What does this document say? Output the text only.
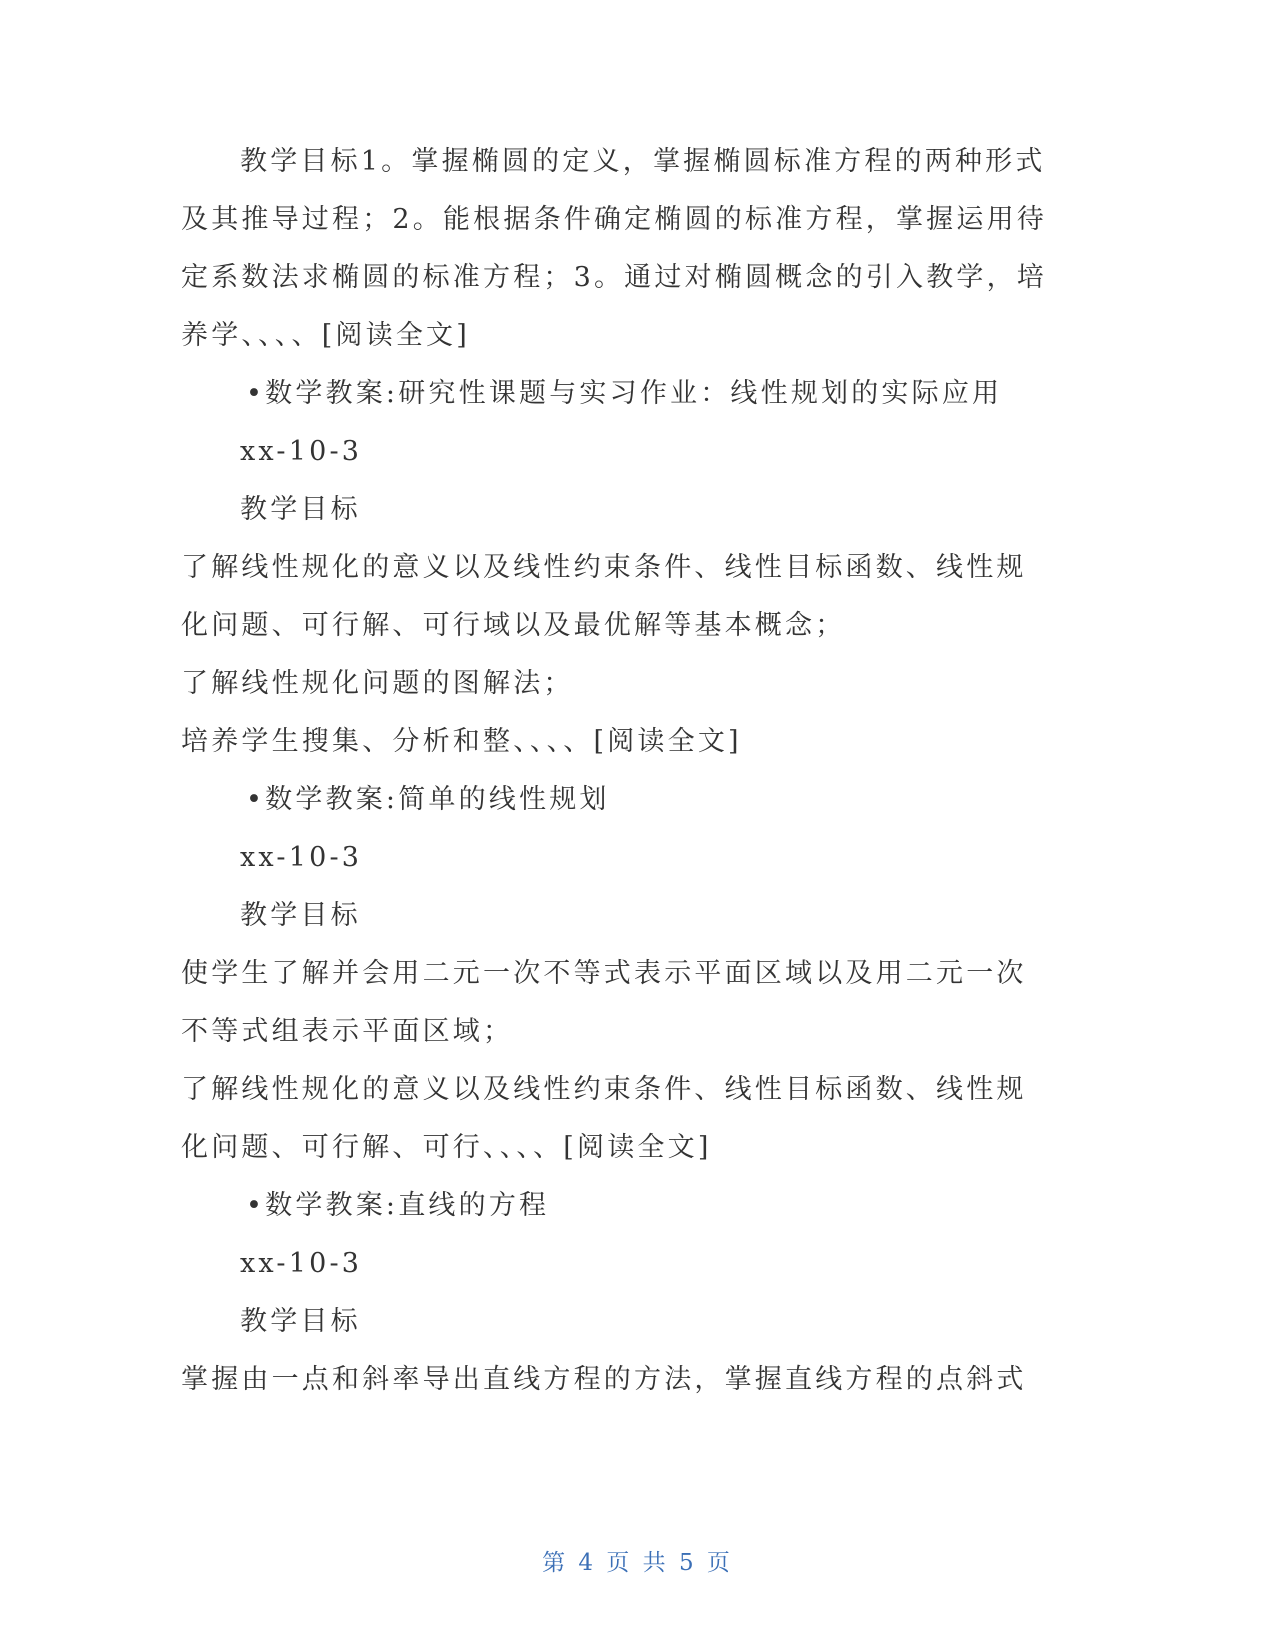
教学目标1。掌握椭圆的定义，掌握椭圆标准方程的两种形式
及其推导过程；2。能根据条件确定椭圆的标准方程，掌握运用待
定系数法求椭圆的标准方程；3。通过对椭圆概念的引入教学，培
养学、、、、[阅读全文]
•数学教案:研究性课题与实习作业：线性规划的实际应用
xx-10-3
教学目标
了解线性规化的意义以及线性约束条件、线性目标函数、线性规
化问题、可行解、可行域以及最优解等基本概念；
了解线性规化问题的图解法；
培养学生搜集、分析和整、、、、[阅读全文]
•数学教案:简单的线性规划
xx-10-3
教学目标
使学生了解并会用二元一次不等式表示平面区域以及用二元一次
不等式组表示平面区域；
了解线性规化的意义以及线性约束条件、线性目标函数、线性规
化问题、可行解、可行、、、、[阅读全文]
•数学教案:直线的方程
xx-10-3
教学目标
掌握由一点和斜率导出直线方程的方法，掌握直线方程的点斜式
第 4 页 共 5 页
